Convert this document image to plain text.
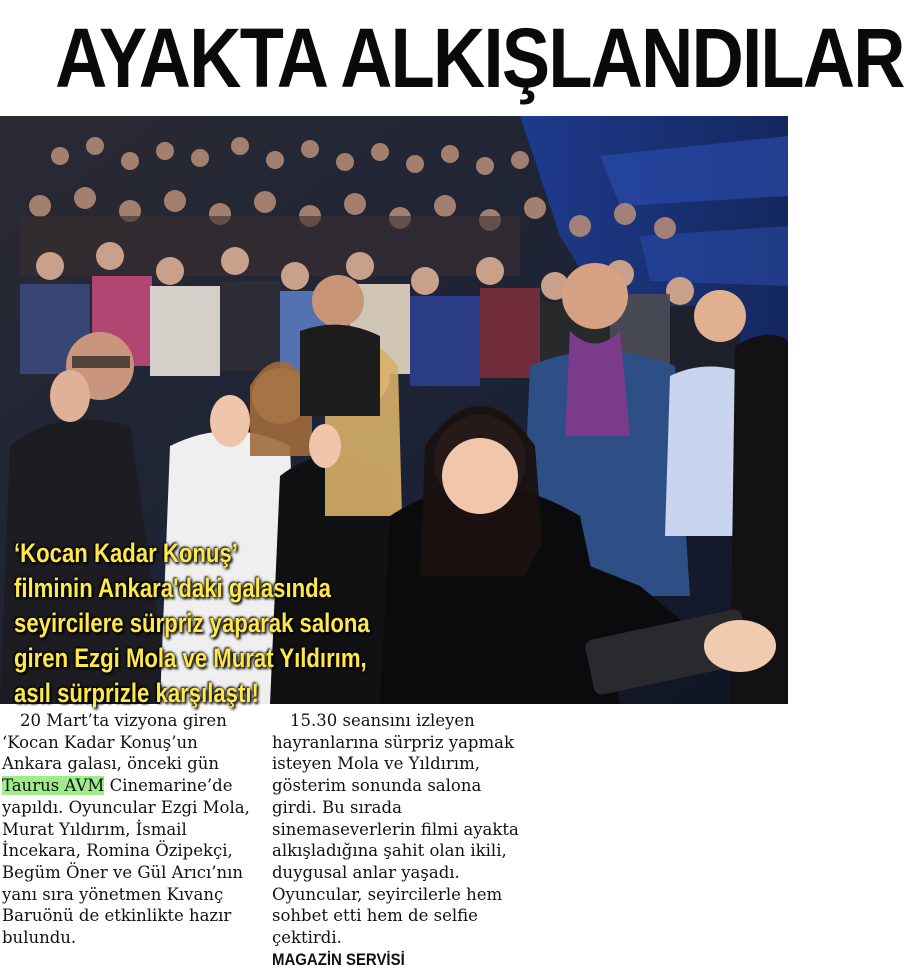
AYAKTA ALKIŞLANDILAR
‘Kocan Kadar Konuş’
filminin Ankara'daki galasında
seyircilere sürpriz yaparak salona
giren Ezgi Mola ve Murat Yıldırım,
asıl sürprizle karşılaştı!

20 Mart’ta vizyona giren ‘Kocan Kadar Konuş’un Ankara galası, önceki gün Taurus AVM Cinemarine’de yapıldı. Oyuncular Ezgi Mola, Murat Yıldırım, İsmail İncekara, Romina Özipekçi, Begüm Öner ve Gül Arıcı’nın yanı sıra yönetmen Kıvanç Baruönü de etkinlikte hazır bulundu.

15.30 seansını izleyen hayranlarına sürpriz yapmak isteyen Mola ve Yıldırım, gösterim sonunda salona girdi. Bu sırada sinemaseverlerin filmi ayakta alkışladığına şahit olan ikili, duygusal anlar yaşadı. Oyuncular, seyircilerle hem sohbet etti hem de selfie çektirdi.

MAGAZİN SERVİSİ
